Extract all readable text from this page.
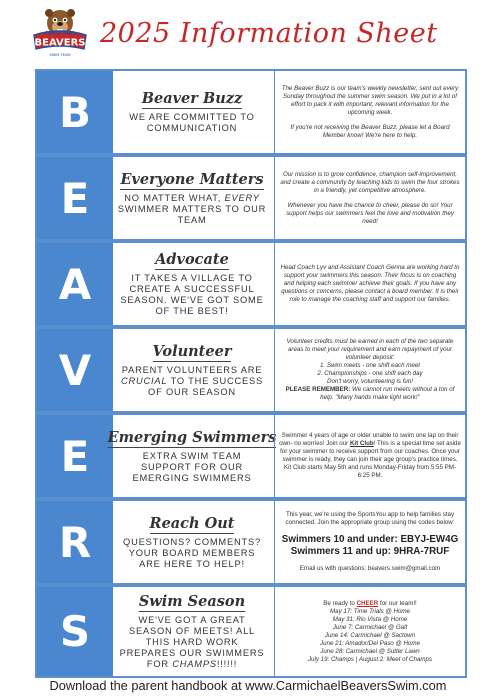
CARMICHAEL
BEAVERS
SWIM TEAM
2025 Information Sheet
B	Beaver Buzz
WE ARE COMMITTED TO COMMUNICATION

The Beaver Buzz is our team's weekly newsletter, sent out every Sunday throughout the summer swim season. We put in a lot of effort to pack it with important, relevant information for the upcoming week.

If you're not receiving the Beaver Buzz, please let a Board Member know! We're here to help.

E Everyone Matters
NO MATTER WHAT, EVERY SWIMMER MATTERS TO OUR TEAM

Our mission is to grow confidence, champion self-improvement, and create a community by teaching kids to swim the four strokes in a friendly, yet competitive atmosphere.

Whenever you have the chance to cheer, please do so! Your support helps our swimmers feel the love and motivation they need!

A	Advocate
IT TAKES A VILLAGE TO CREATE A SUCCESSFUL SEASON. WE'VE GOT SOME OF THE BEST!

Head Coach Lyv and Assistant Coach Genna are working hard to support your swimmers this season. Their focus is on coaching and helping each swimmer achieve their goals. If you have any questions or concerns, please contact a board member. It is their role to manage the coaching staff and support our families.

V	Volunteer
PARENT VOLUNTEERS ARE CRUCIAL TO THE SUCCESS OF OUR SEASON

Volunteer credits must be earned in each of the two separate areas to meet your requirement and earn repayment of your volunteer deposit:

1. Swim meets - one shift each meet

2. Championships - one shift each day

Don't worry, volunteering is fun!

PLEASE REMEMBER: We cannot run meets without a ton of help. "Many hands make light work!"

E Emerging Swimmers
EXTRA SWIM TEAM SUPPORT FOR OUR EMERGING SWIMMERS

Swimmer 4 years of age or older unable to swim one lap on their own- no worries! Join our Kit Club! This is a special time set aside for your swimmer to receive support from our coaches. Once your swimmer is ready, they can join their age group's practice times. Kit Club starts May 5th and runs Monday-Friday from 5:55 PM-6:25 PM.

R	Reach Out
QUESTIONS? COMMENTS? YOUR BOARD MEMBERS ARE HERE TO HELP!

This year, we're using the SportsYou app to help families stay connected. Join the appropriate group using the codes below:

Swimmers 10 and under: EBYJ-EW4G
Swimmers 11 and up: 9HRA-7RUF

Email us with questions: beavers.swim@gmail.com

S
Swim Season
WE'VE GOT A GREAT SEASON OF MEETS! ALL THIS HARD WORK PREPARES OUR SWIMMERS FOR CHAMPS!!!!!!

Be ready to CHEER for our team!!

May 17: Time Trials @ Home

May 31: Rio Vista @ Home

June 7: Carmichael @ Galt

June 14: Carmichael @ Sactown

June 21: Amador/Del Paso @ Home

June 28: Carmichael @ Sutter Lawn

July 19: Champs | August 2: Meet of Champs

Download the parent handbook at www.CarmichaelBeaversSwim.com
